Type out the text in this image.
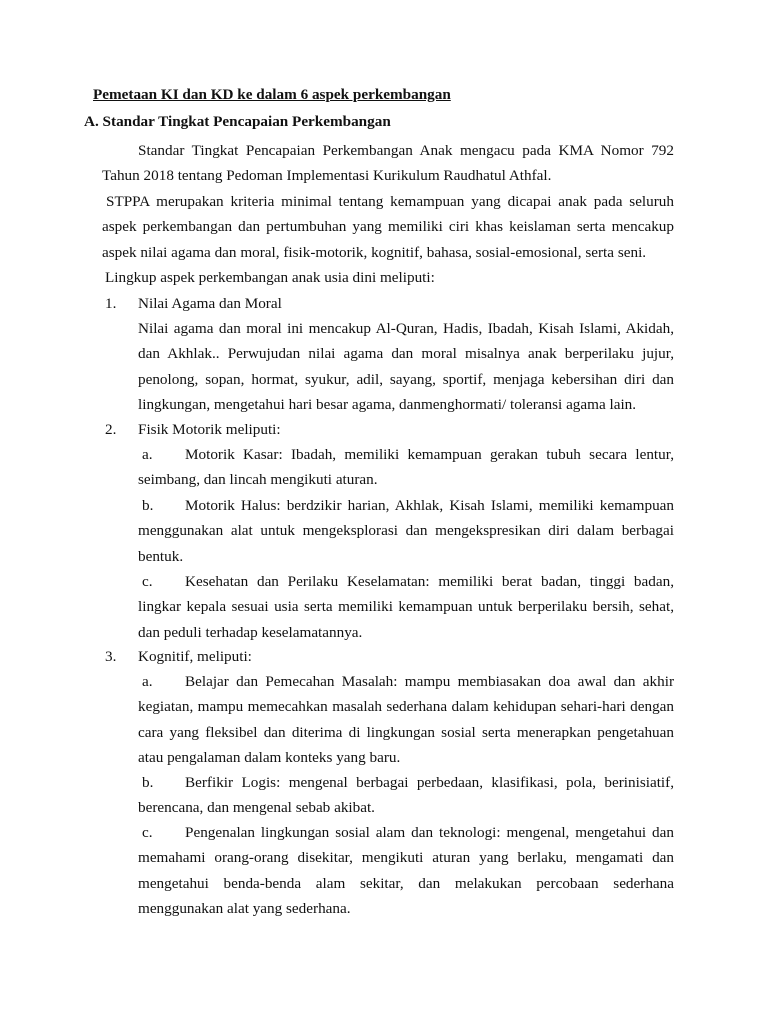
Pemetaan KI dan KD ke dalam 6 aspek perkembangan
A. Standar Tingkat Pencapaian Perkembangan
Standar Tingkat Pencapaian Perkembangan Anak mengacu pada KMA Nomor 792 Tahun 2018 tentang Pedoman Implementasi Kurikulum Raudhatul Athfal.
STPPA merupakan kriteria minimal tentang kemampuan yang dicapai anak pada seluruh aspek perkembangan dan pertumbuhan yang memiliki ciri khas keislaman serta mencakup aspek nilai agama dan moral, fisik-motorik, kognitif, bahasa, sosial-emosional, serta seni.
Lingkup aspek perkembangan anak usia dini meliputi:
1. Nilai Agama dan Moral
Nilai agama dan moral ini mencakup Al-Quran, Hadis, Ibadah, Kisah Islami, Akidah, dan Akhlak.. Perwujudan nilai agama dan moral misalnya anak berperilaku jujur, penolong, sopan, hormat, syukur, adil, sayang, sportif, menjaga kebersihan diri dan lingkungan, mengetahui hari besar agama, danmenghormati/ toleransi agama lain.
2. Fisik Motorik meliputi:
a. Motorik Kasar: Ibadah, memiliki kemampuan gerakan tubuh secara lentur, seimbang, dan lincah mengikuti aturan.
b. Motorik Halus: berdzikir harian, Akhlak, Kisah Islami, memiliki kemampuan menggunakan alat untuk mengeksplorasi dan mengekspresikan diri dalam berbagai bentuk.
c. Kesehatan dan Perilaku Keselamatan: memiliki berat badan, tinggi badan, lingkar kepala sesuai usia serta memiliki kemampuan untuk berperilaku bersih, sehat, dan peduli terhadap keselamatannya.
3. Kognitif, meliputi:
a. Belajar dan Pemecahan Masalah: mampu membiasakan doa awal dan akhir kegiatan, mampu memecahkan masalah sederhana dalam kehidupan sehari-hari dengan cara yang fleksibel dan diterima di lingkungan sosial serta menerapkan pengetahuan atau pengalaman dalam konteks yang baru.
b. Berfikir Logis: mengenal berbagai perbedaan, klasifikasi, pola, berinisiatif, berencana, dan mengenal sebab akibat.
c. Pengenalan lingkungan sosial alam dan teknologi: mengenal, mengetahui dan memahami orang-orang disekitar, mengikuti aturan yang berlaku, mengamati dan mengetahui benda-benda alam sekitar, dan melakukan percobaan sederhana menggunakan alat yang sederhana.
